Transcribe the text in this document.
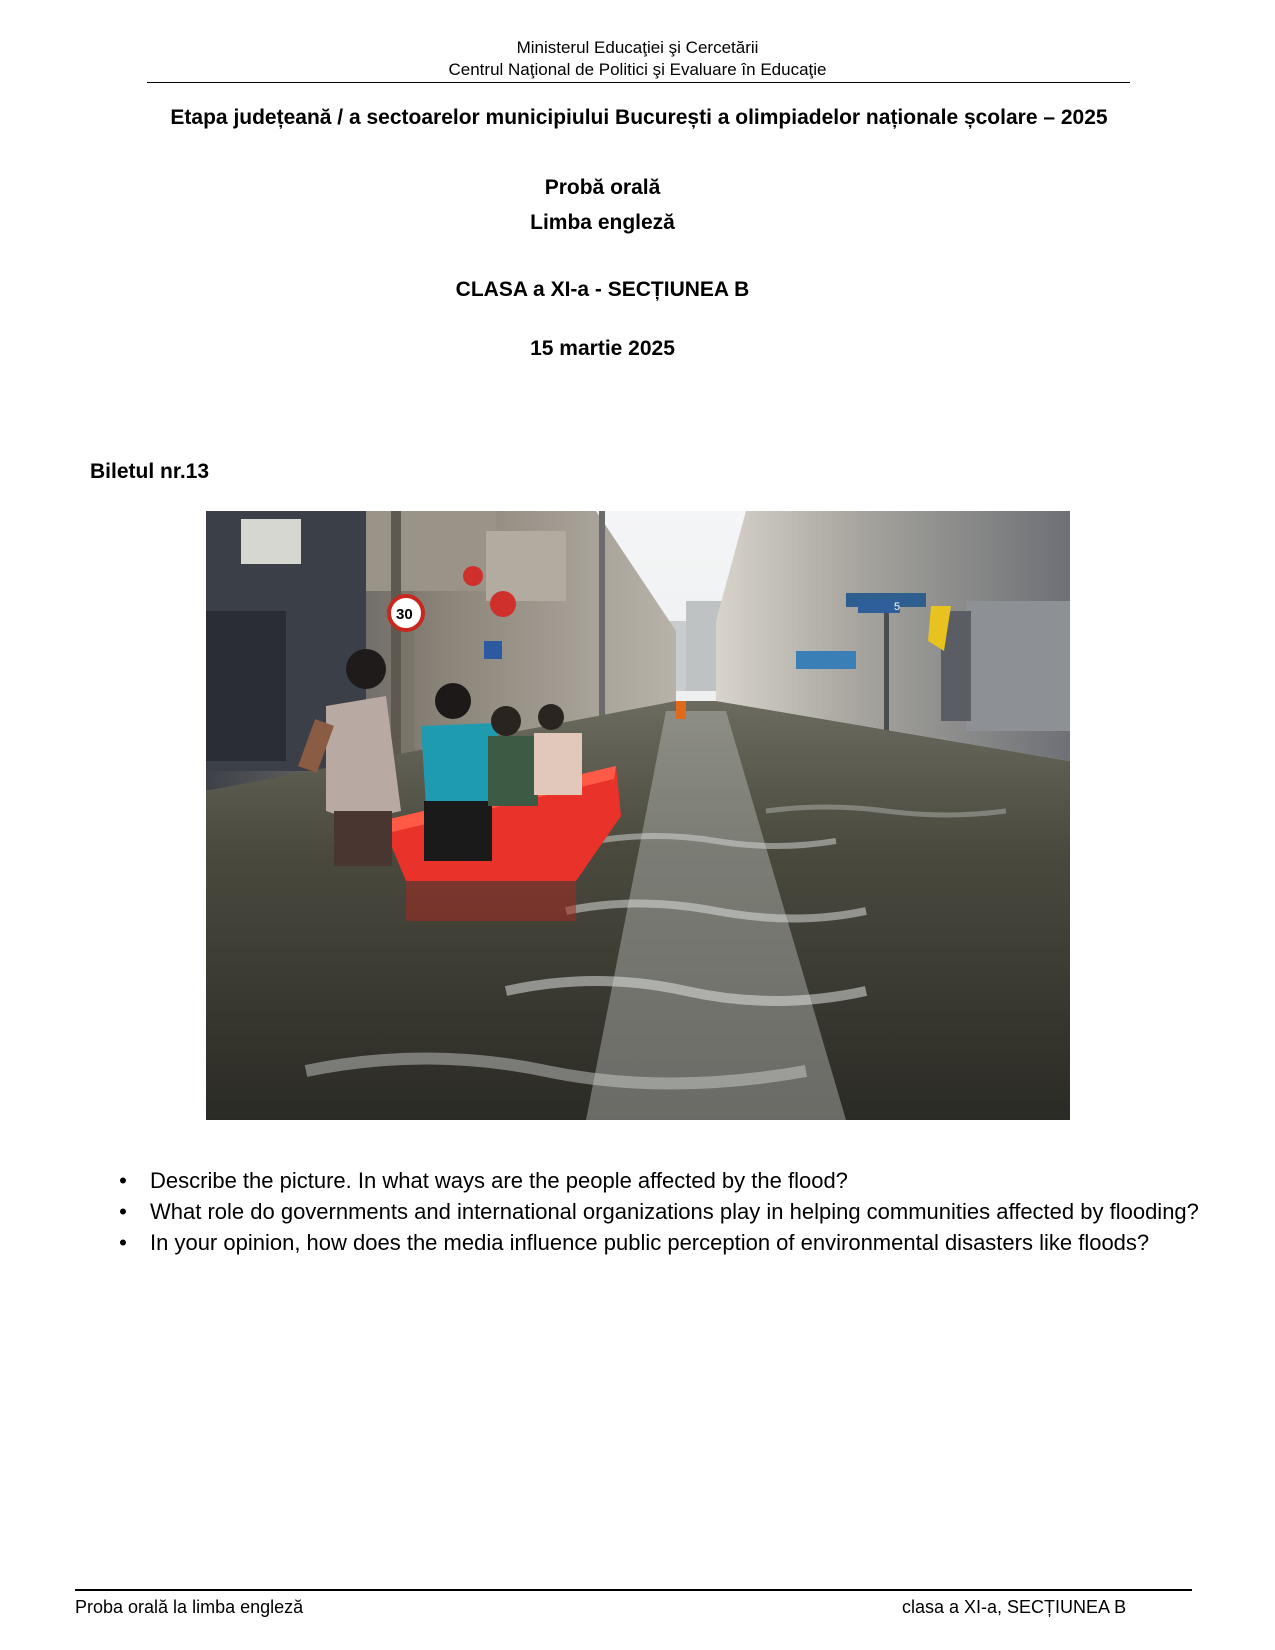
Ministerul Educaţiei şi Cercetării
Centrul Naţional de Politici şi Evaluare în Educaţie
Etapa județeană / a sectoarelor municipiului București a olimpiadelor naționale școlare – 2025
Probă orală
Limba engleză
CLASA a XI-a - SECȚIUNEA B
15 martie 2025
Biletul nr.13
5
30
• Describe the picture. In what ways are the people affected by the flood?
• What role do governments and international organizations play in helping communities affected by flooding?
• In your opinion, how does the media influence public perception of environmental disasters like floods?
Proba orală la limba engleză	clasa a XI-a, SECȚIUNEA B
